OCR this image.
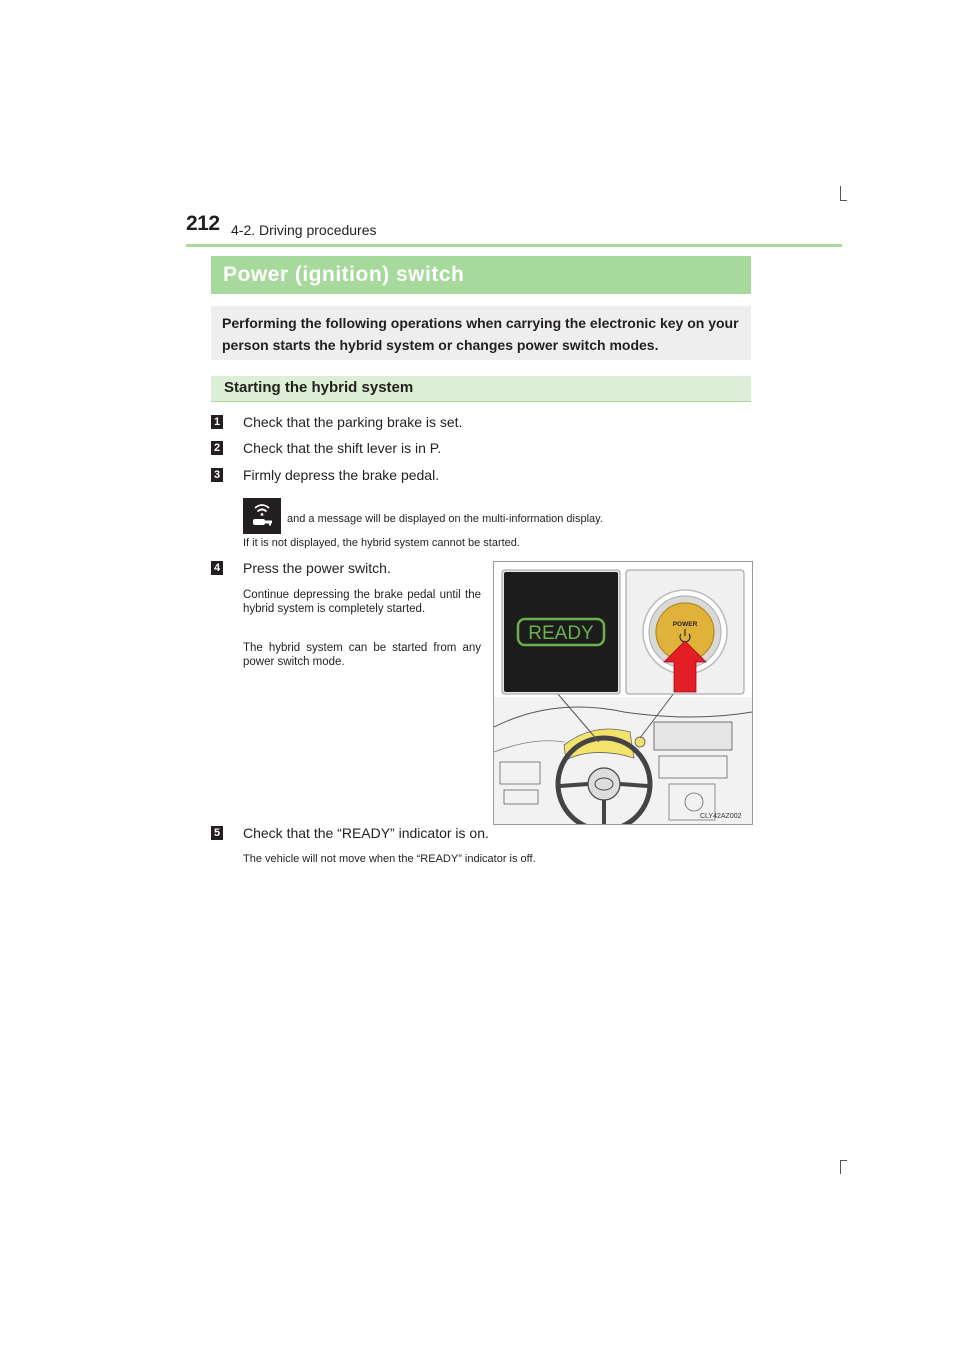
212 4-2. Driving procedures
Power (ignition) switch
Performing the following operations when carrying the electronic key on your person starts the hybrid system or changes power switch modes.
Starting the hybrid system
1 Check that the parking brake is set.
2 Check that the shift lever is in P.
3 Firmly depress the brake pedal.
and a message will be displayed on the multi-information display.
If it is not displayed, the hybrid system cannot be started.
4 Press the power switch.
Continue depressing the brake pedal until the hybrid system is completely started.
The hybrid system can be started from any power switch mode.
READY	POWER
CLY42AZ002
5 Check that the “READY” indicator is on.
The vehicle will not move when the “READY” indicator is off.
